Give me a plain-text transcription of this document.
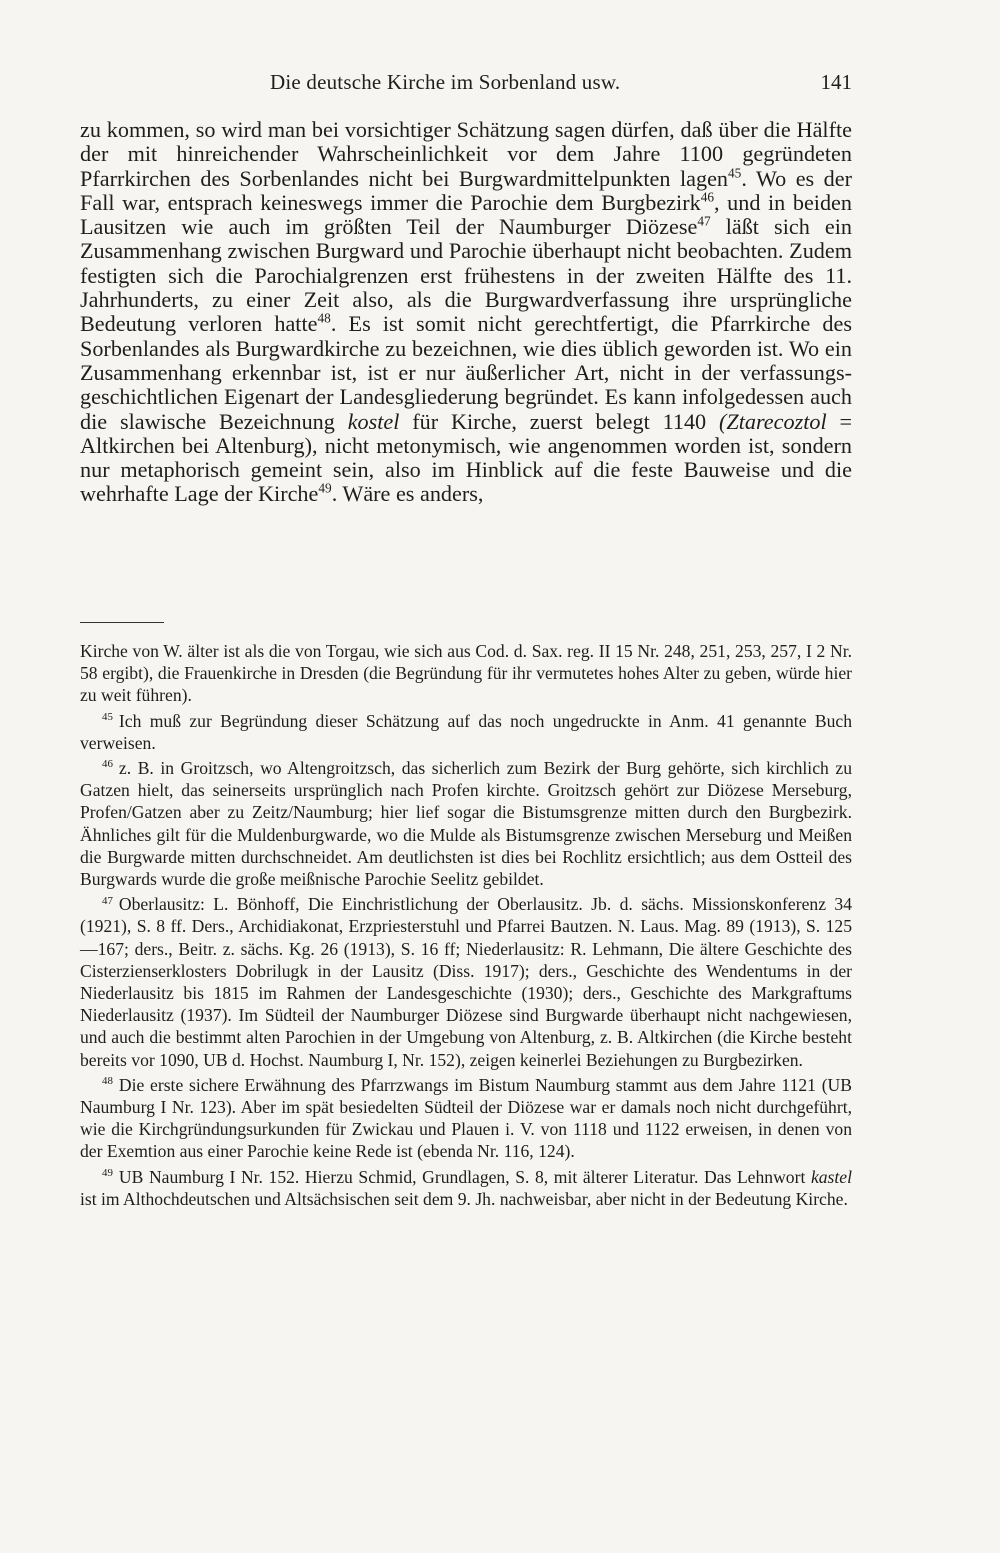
Die deutsche Kirche im Sorbenland usw.	141

zu kommen, so wird man bei vorsichtiger Schätzung sagen dürfen, daß über die Hälfte der mit hinreichender Wahrscheinlichkeit vor dem Jahre 1100 gegründeten Pfarrkirchen des Sorbenlandes nicht bei Burgwardmittelpunkten lagen$^{45}$. Wo es der Fall war, entsprach keineswegs immer die Parochie dem Burgbezirk$^{46}$, und in beiden Lausitzen wie auch im größten Teil der Naumburger Diözese$^{47}$ läßt sich ein Zusammenhang zwischen Burgward und Parochie überhaupt nicht beobachten. Zudem festigten sich die Parochialgrenzen erst frühestens in der zweiten Hälfte des 11. Jahrhunderts, zu einer Zeit also, als die Burgwardverfassung ihre ursprüngliche Bedeutung verloren hatte$^{48}$. Es ist somit nicht gerechtfertigt, die Pfarrkirche des Sorbenlandes als Burgwardkirche zu bezeichnen, wie dies üblich geworden ist. Wo ein Zusammenhang erkennbar ist, ist er nur äußerlicher Art, nicht in der verfassungsgeschichtlichen Eigenart der Landesgliederung begründet. Es kann infolgedessen auch die slawische Bezeichnung kostel für Kirche, zuerst belegt 1140 (Ztarecoztol = Altkirchen bei Altenburg), nicht metonymisch, wie angenommen worden ist, sondern nur metaphorisch gemeint sein, also im Hinblick auf die feste Bauweise und die wehrhafte Lage der Kirche$^{49}$. Wäre es anders,

Kirche von W. älter ist als die von Torgau, wie sich aus Cod. d. Sax. reg. II 15 Nr. 248, 251, 253, 257, I 2 Nr. 58 ergibt), die Frauenkirche in Dresden (die Begründung für ihr vermutetes hohes Alter zu geben, würde hier zu weit führen).

$^{45}$ Ich muß zur Begründung dieser Schätzung auf das noch ungedruckte in Anm. 41 genannte Buch verweisen.

$^{46}$ z. B. in Groitzsch, wo Altengroitzsch, das sicherlich zum Bezirk der Burg gehörte, sich kirchlich zu Gatzen hielt, das seinerseits ursprünglich nach Profen kirchte. Groitzsch gehört zur Diözese Merseburg, Profen/Gatzen aber zu Zeitz/Naumburg; hier lief sogar die Bistumsgrenze mitten durch den Burgbezirk. Ähnliches gilt für die Muldenburgwarde, wo die Mulde als Bistumsgrenze zwischen Merseburg und Meißen die Burgwarde mitten durchschneidet. Am deutlichsten ist dies bei Rochlitz ersichtlich; aus dem Ostteil des Burgwards wurde die große meißnische Parochie Seelitz gebildet.

$^{47}$ Oberlausitz: L. Bönhoff, Die Einchristlichung der Oberlausitz. Jb. d. sächs. Missionskonferenz 34 (1921), S. 8 ff. Ders., Archidiakonat, Erzpriesterstuhl und Pfarrei Bautzen. N. Laus. Mag. 89 (1913), S. 125—167; ders., Beitr. z. sächs. Kg. 26 (1913), S. 16 ff; Niederlausitz: R. Lehmann, Die ältere Geschichte des Cisterzienserklosters Dobrilugk in der Lausitz (Diss. 1917); ders., Geschichte des Wendentums in der Niederlausitz bis 1815 im Rahmen der Landesgeschichte (1930); ders., Geschichte des Markgraftums Niederlausitz (1937). Im Südteil der Naumburger Diözese sind Burgwarde überhaupt nicht nachgewiesen, und auch die bestimmt alten Parochien in der Umgebung von Altenburg, z. B. Altkirchen (die Kirche besteht bereits vor 1090, UB d. Hochst. Naumburg I, Nr. 152), zeigen keinerlei Beziehungen zu Burgbezirken.

$^{48}$ Die erste sichere Erwähnung des Pfarrzwangs im Bistum Naumburg stammt aus dem Jahre 1121 (UB Naumburg I Nr. 123). Aber im spät besiedelten Südteil der Diözese war er damals noch nicht durchgeführt, wie die Kirchgründungsurkunden für Zwickau und Plauen i. V. von 1118 und 1122 erweisen, in denen von der Exemtion aus einer Parochie keine Rede ist (ebenda Nr. 116, 124).

$^{49}$ UB Naumburg I Nr. 152. Hierzu Schmid, Grundlagen, S. 8, mit älterer Literatur. Das Lehnwort kastel ist im Althochdeutschen und Altsächsischen seit dem 9. Jh. nachweisbar, aber nicht in der Bedeutung Kirche.
